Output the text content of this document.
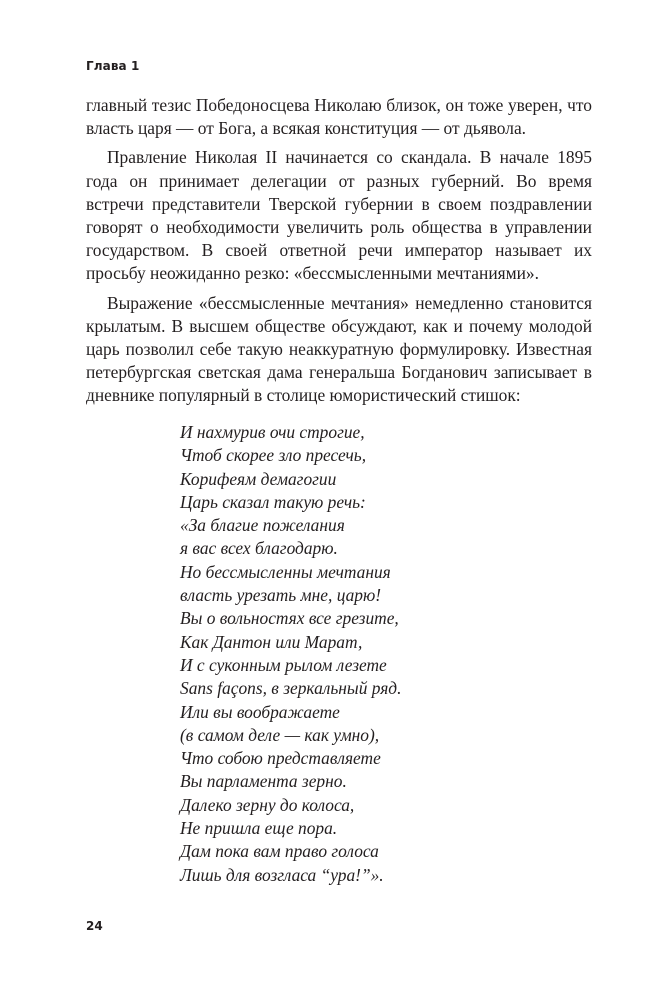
Глава 1

главный тезис Победоносцева Николаю близок, он тоже уверен, что власть царя — от Бога, а всякая конституция — от дьявола.

Правление Николая II начинается со скандала. В начале 1895 года он принимает делегации от разных губерний. Во время встречи представители Тверской губернии в своем поздравлении говорят о необходимости увеличить роль общества в управлении государством. В своей ответной речи император называет их просьбу неожиданно резко: «бессмысленными мечтаниями».

Выражение «бессмысленные мечтания» немедленно становится крылатым. В высшем обществе обсуждают, как и почему молодой царь позволил себе такую неаккуратную формулировку. Известная петербургская светская дама генеральша Богданович записывает в дневнике популярный в столице юмористический стишок:

И нахмурив очи строгие,
Чтоб скорее зло пресечь,
Корифеям демагогии
Царь сказал такую речь:
«За благие пожелания
я вас всех благодарю.
Но бессмысленны мечтания
власть урезать мне, царю!
Вы о вольностях все грезите,
Как Дантон или Марат,
И с суконным рылом лезете
Sans façons, в зеркальный ряд.
Или вы воображаете
(в самом деле — как умно),
Что собою представляете
Вы парламента зерно.
Далеко зерну до колоса,
Не пришла еще пора.
Дам пока вам право голоса
Лишь для возгласа “ура!”».
24
